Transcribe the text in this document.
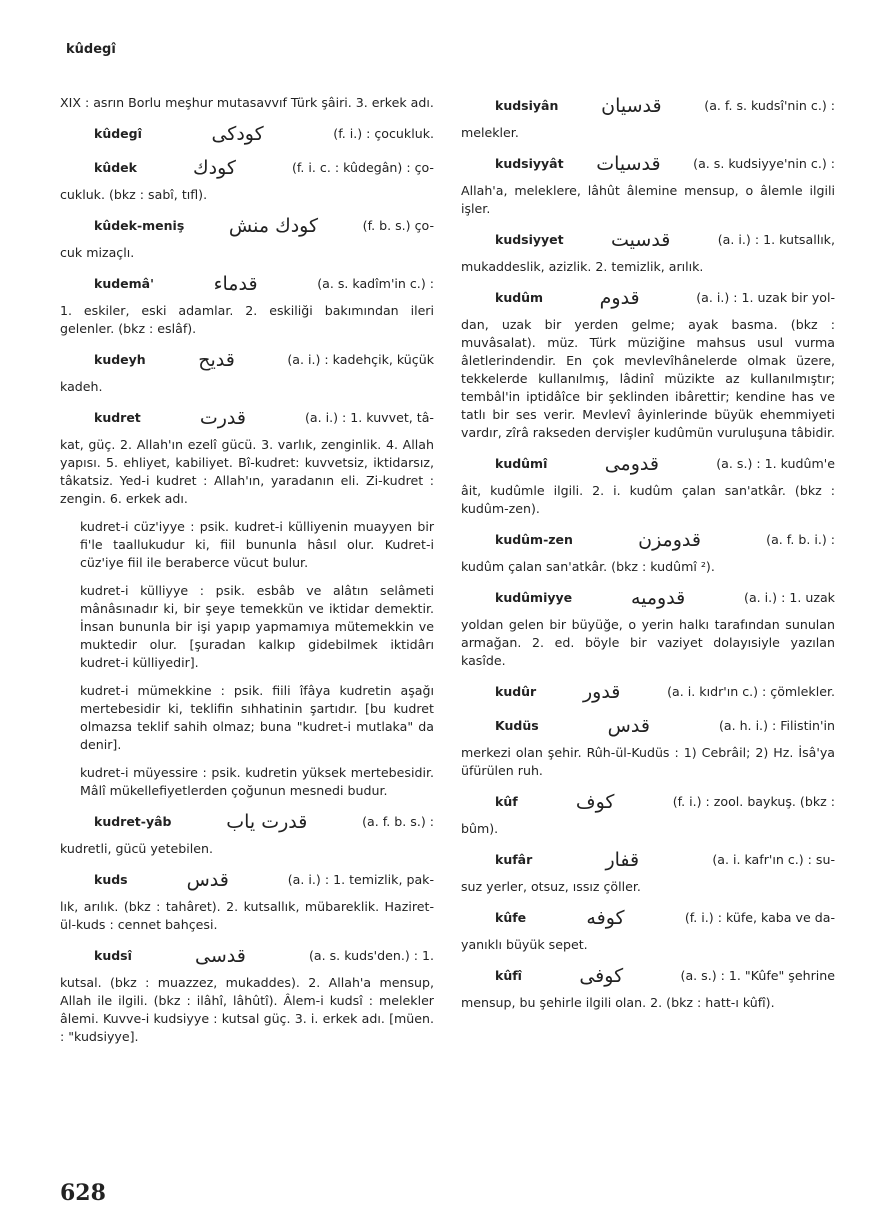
kûdegî
XIX : asrın Borlu meşhur mutasavvıf Türk şâiri. 3. erkek adı.
kûdegî	كودكى	(f. i.) : çocukluk.
kûdek	كودك	(f. i. c. : kûdegân) : ço-
cukluk. (bkz : sabî, tıfl).
kûdek-meniş كودك منش	(f. b. s.) ço-
cuk mizaçlı.
kudemâ'	قدماء	(a. s. kadîm'in c.) :
1. eskiler, eski adamlar. 2. eskiliği bakımından ileri gelenler. (bkz : eslâf).
kudeyh	قديح	(a. i.) : kadehçik, küçük
kadeh.
kudret	قدرت	(a. i.) : 1. kuvvet, tâ-
kat, güç. 2. Allah'ın ezelî gücü. 3. varlık, zenginlik. 4. Allah yapısı. 5. ehliyet, kabiliyet. Bî-kudret: kuvvetsiz, iktidarsız, tâkatsiz. Yed-i kudret : Allah'ın, yaradanın eli. Zi-kudret : zengin. 6. erkek adı.
kudret-i cüz'iyye : psik. kudret-i külliyenin muayyen bir fi'le taallukudur ki, fiil bununla hâsıl olur. Kudret-i cüz'iye fiil ile beraberce vücut bulur.
kudret-i külliyye : psik. esbâb ve alâtın selâmeti mânâsınadır ki, bir şeye temekkün ve iktidar demektir. İnsan bununla bir işi yapıp yapmamıya mütemekkin ve muktedir olur. [şuradan kalkıp gidebilmek iktidârı kudret-i külliyedir].
kudret-i mümekkine : psik. fiili îfâya kudretin aşağı mertebesidir ki, teklifin sıhhatinin şartıdır. [bu kudret olmazsa teklif sahih olmaz; buna "kudret-i mutlaka" da denir].
kudret-i müyessire : psik. kudretin yüksek mertebesidir. Mâlî mükellefiyetlerden çoğunun mesnedi budur.
kudret-yâb	قدرت ياب	(a. f. b. s.) :
kudretli, gücü yetebilen.
kuds	قدس	(a. i.) : 1. temizlik, pak-
lık, arılık. (bkz : tahâret). 2. kutsallık, mübareklik. Haziret-ül-kuds : cennet bahçesi.
kudsî	قدسى	(a. s. kuds'den.) : 1.
kutsal. (bkz : muazzez, mukaddes). 2. Allah'a mensup, Allah ile ilgili. (bkz : ilâhî, lâhûtî). Âlem-i kudsî : melekler âlemi. Kuvve-i kudsiyye : kutsal güç. 3. i. erkek adı. [müen. : "kudsiyye].
kudsiyân قدسيان	(a. f. s. kudsî'nin c.) :
melekler.
kudsiyyât قدسيات	(a. s. kudsiyye'nin c.) :
Allah'a, meleklere, lâhût âlemine mensup, o âlemle ilgili işler.
kudsiyyet قدسيت	(a. i.) : 1. kutsallık,
mukaddeslik, azizlik. 2. temizlik, arılık.
kudûm	قدوم	(a. i.) : 1. uzak bir yol-
dan, uzak bir yerden gelme; ayak basma. (bkz : muvâsalat). müz. Türk müziğine mahsus usul vurma âletlerindendir. En çok mevlevîhânelerde olmak üzere, tekkelerde kullanılmış, lâdinî müzikte az kullanılmıştır; tembâl'in iptidâîce bir şeklinden ibârettir; kendine has ve tatlı bir ses verir. Mevlevî âyinlerinde büyük ehemmiyeti vardır, zîrâ rakseden dervişler kudûmün vuruluşuna tâbidir.
kudûmî	قدومى	(a. s.) : 1. kudûm'e
âit, kudûmle ilgili. 2. i. kudûm çalan san'atkâr. (bkz : kudûm-zen).
kudûm-zen	قدومزن	(a. f. b. i.) :
kudûm çalan san'atkâr. (bkz : kudûmî ²).
kudûmiyye	قدوميه	(a. i.) : 1. uzak
yoldan gelen bir büyüğe, o yerin halkı tarafından sunulan armağan. 2. ed. böyle bir vaziyet dolayısiyle yazılan kasîde.
kudûr قدور	(a. i. kıdr'ın c.) : çömlekler.
Kudüs	قدس	(a. h. i.) : Filistin'in
merkezi olan şehir. Rûh-ül-Kudüs : 1) Cebrâil; 2) Hz. İsâ'ya üfürülen ruh.
kûf	كوف	(f. i.) : zool. baykuş. (bkz :
bûm).
kufâr	قفار	(a. i. kafr'ın c.) : su-
suz yerler, otsuz, ıssız çöller.
kûfe	كوفه	(f. i.) : küfe, kaba ve da-
yanıklı büyük sepet.
kûfî	كوفى	(a. s.) : 1. "Kûfe" şehrine
mensup, bu şehirle ilgili olan. 2. (bkz : hatt-ı kûfî).
628
